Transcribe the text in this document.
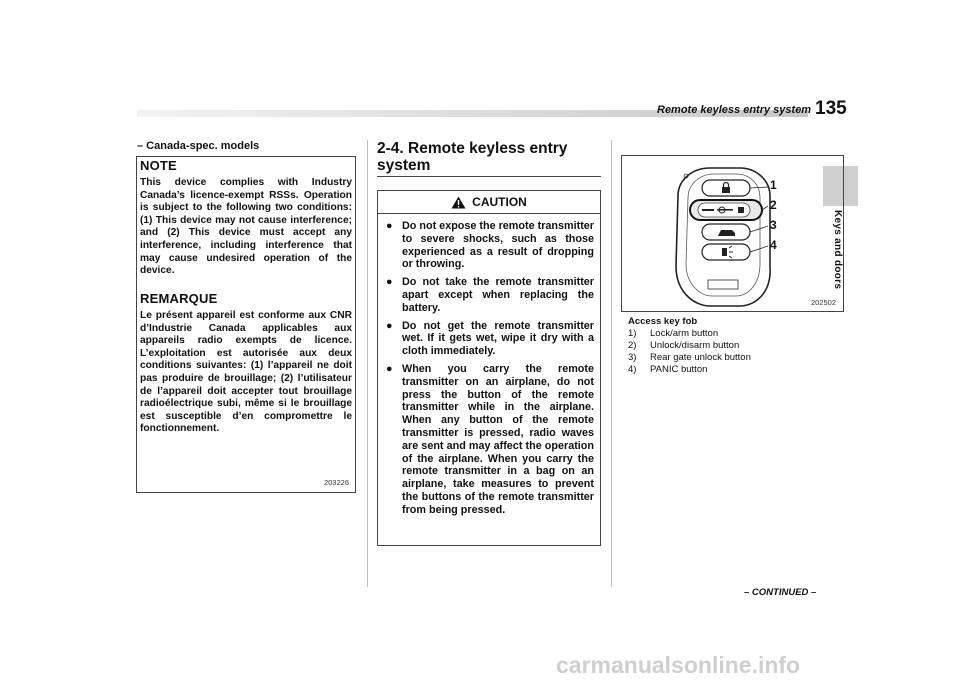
Remote keyless entry system 135
Keys and doors
– Canada-spec. models
NOTE

This device complies with Industry Canada’s licence-exempt RSSs. Operation is subject to the following two conditions: (1) This device may not cause interference; and (2) This device must accept any interference, including interference that may cause undesired operation of the device.

REMARQUE

Le présent appareil est conforme aux CNR d’Industrie Canada applicables aux appareils radio exempts de licence. L’exploitation est autorisée aux deux conditions suivantes: (1) l’appareil ne doit pas produire de brouillage; (2) l’utilisateur de l’appareil doit accepter tout brouillage radioélectrique subi, même si le brouillage est susceptible d’en compromettre le fonctionnement.

203226
2-4. Remote keyless entry system
CAUTION
● Do not expose the remote transmitter to severe shocks, such as those experienced as a result of dropping or throwing.
● Do not take the remote transmitter apart except when replacing the battery.
● Do not get the remote transmitter wet. If it gets wet, wipe it dry with a cloth immediately.
● When you carry the remote transmitter on an airplane, do not press the button of the remote transmitter while in the airplane. When any button of the remote transmitter is pressed, radio waves are sent and may affect the operation of the airplane. When you carry the remote transmitter in a bag on an airplane, take measures to prevent the buttons of the remote transmitter from being pressed.
1
2
3
4
202502
Access key fob
1)	Lock/arm button
2)	Unlock/disarm button
3)	Rear gate unlock button
4)	PANIC button
– CONTINUED –
carmanualsonline.info
